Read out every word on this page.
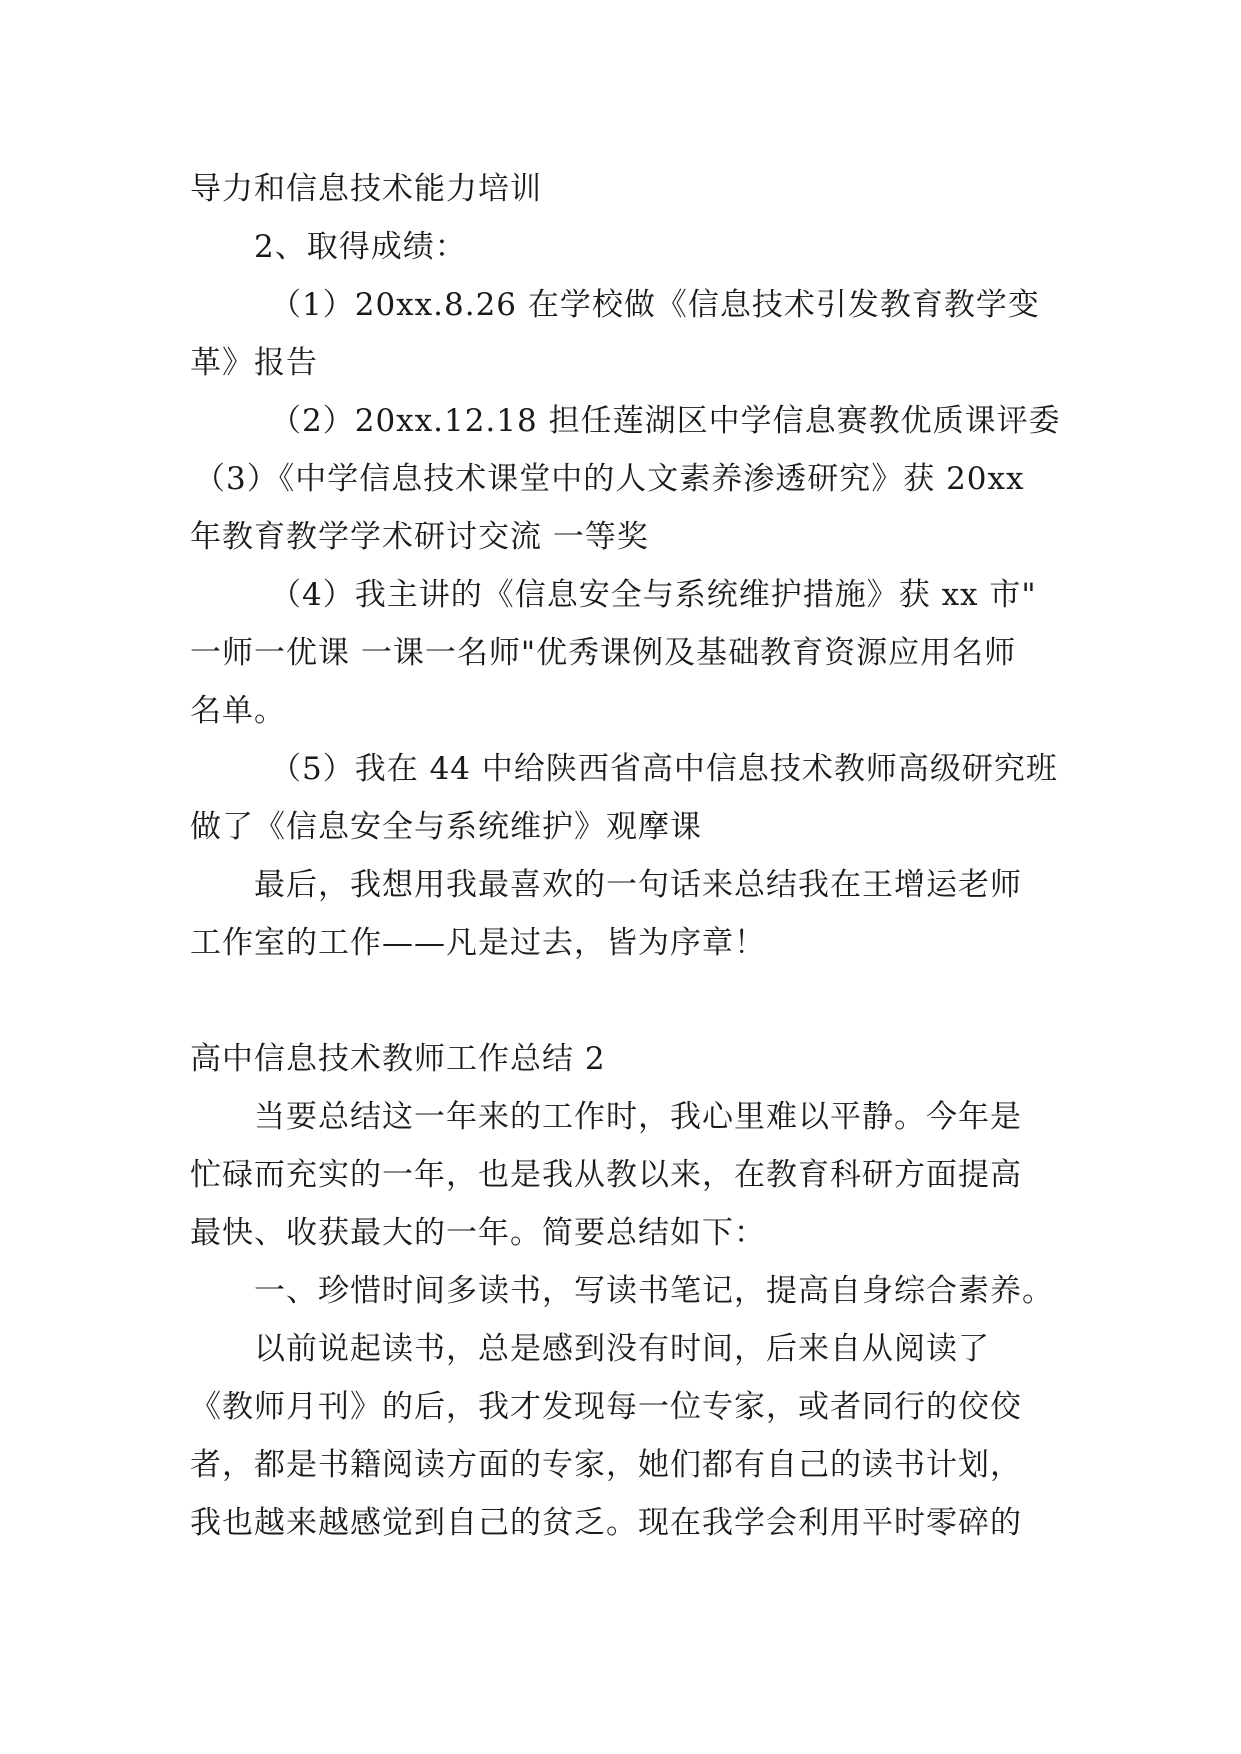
导力和信息技术能力培训
2、取得成绩：
（1）20xx.8.26 在学校做《信息技术引发教育教学变
革》报告
（2）20xx.12.18 担任莲湖区中学信息赛教优质课评委
（3）《中学信息技术课堂中的人文素养渗透研究》获 20xx
年教育教学学术研讨交流 一等奖
（4）我主讲的《信息安全与系统维护措施》获 xx 市"
一师一优课 一课一名师"优秀课例及基础教育资源应用名师
名单。
（5）我在 44 中给陕西省高中信息技术教师高级研究班
做了《信息安全与系统维护》观摩课
最后，我想用我最喜欢的一句话来总结我在王增运老师
工作室的工作——凡是过去，皆为序章！
高中信息技术教师工作总结 2
当要总结这一年来的工作时，我心里难以平静。今年是
忙碌而充实的一年，也是我从教以来，在教育科研方面提高
最快、收获最大的一年。简要总结如下：
一、珍惜时间多读书，写读书笔记，提高自身综合素养。
以前说起读书，总是感到没有时间，后来自从阅读了
《教师月刊》的后，我才发现每一位专家，或者同行的佼佼
者，都是书籍阅读方面的专家，她们都有自己的读书计划，
我也越来越感觉到自己的贫乏。现在我学会利用平时零碎的
